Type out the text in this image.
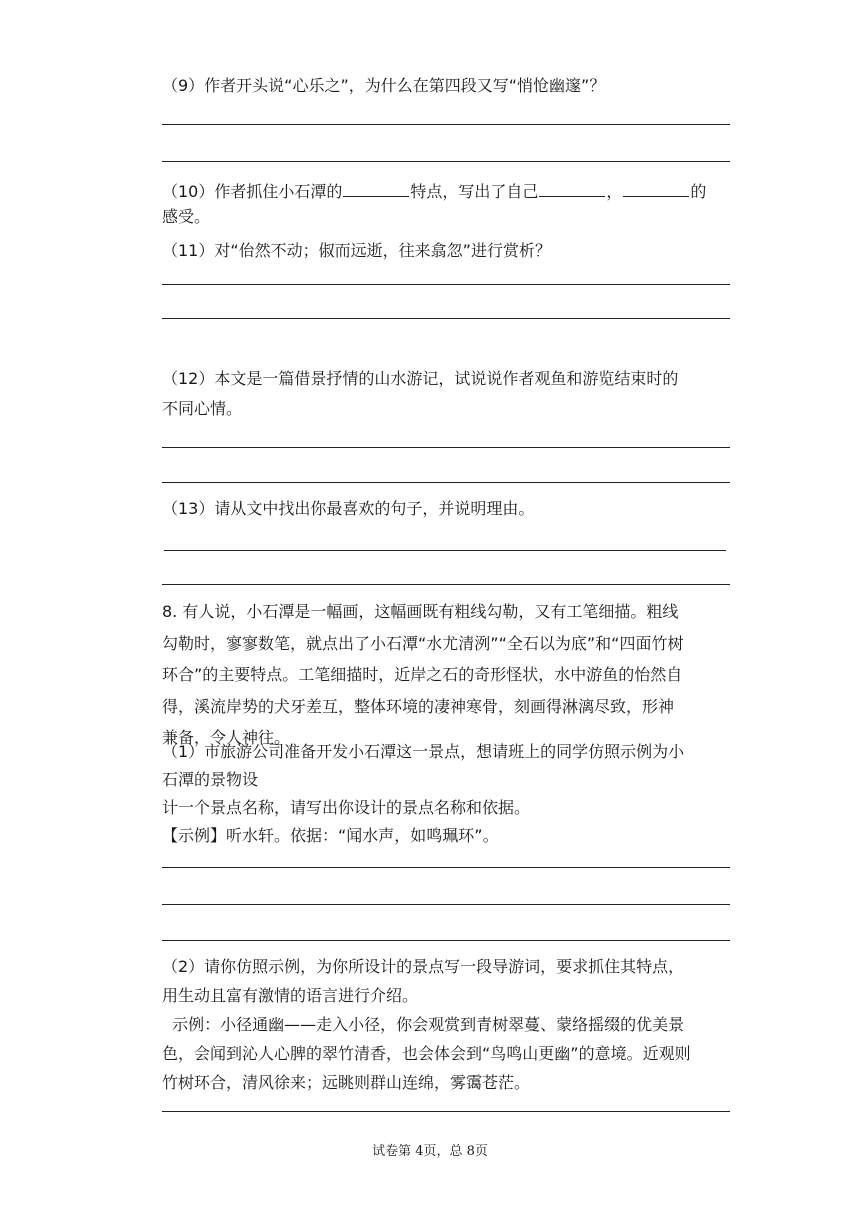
（9）作者开头说“心乐之”，为什么在第四段又写“悄怆幽邃”？
（10）作者抓住小石潭的	特点，写出了自己	，	的
感受。
（11）对“佁然不动；俶而远逝，往来翕忽”进行赏析？
（12）本文是一篇借景抒情的山水游记，试说说作者观鱼和游览结束时的
不同心情。
（13）请从文中找出你最喜欢的句子，并说明理由。
8. 有人说，小石潭是一幅画，这幅画既有粗线勾勒，又有工笔细描。粗线
勾勒时，寥寥数笔，就点出了小石潭“水尤清洌”“全石以为底”和“四面竹树
环合”的主要特点。工笔细描时，近岸之石的奇形怪状，水中游鱼的怡然自
得，溪流岸势的犬牙差互，整体环境的凄神寒骨，刻画得淋漓尽致，形神
兼备，令人神往。
（1）市旅游公司准备开发小石潭这一景点，想请班上的同学仿照示例为小
石潭的景物设
计一个景点名称，请写出你设计的景点名称和依据。
【示例】听水轩。依据：“闻水声，如鸣珮环”。
（2）请你仿照示例，为你所设计的景点写一段导游词，要求抓住其特点，
用生动且富有激情的语言进行介绍。
示例：小径通幽——走入小径，你会观赏到青树翠蔓、蒙络摇缀的优美景
色，会闻到沁人心脾的翠竹清香，也会体会到“鸟鸣山更幽”的意境。近观则
竹树环合，清风徐来；远眺则群山连绵，雾霭苍茫。
试卷第 4页，总 8页
